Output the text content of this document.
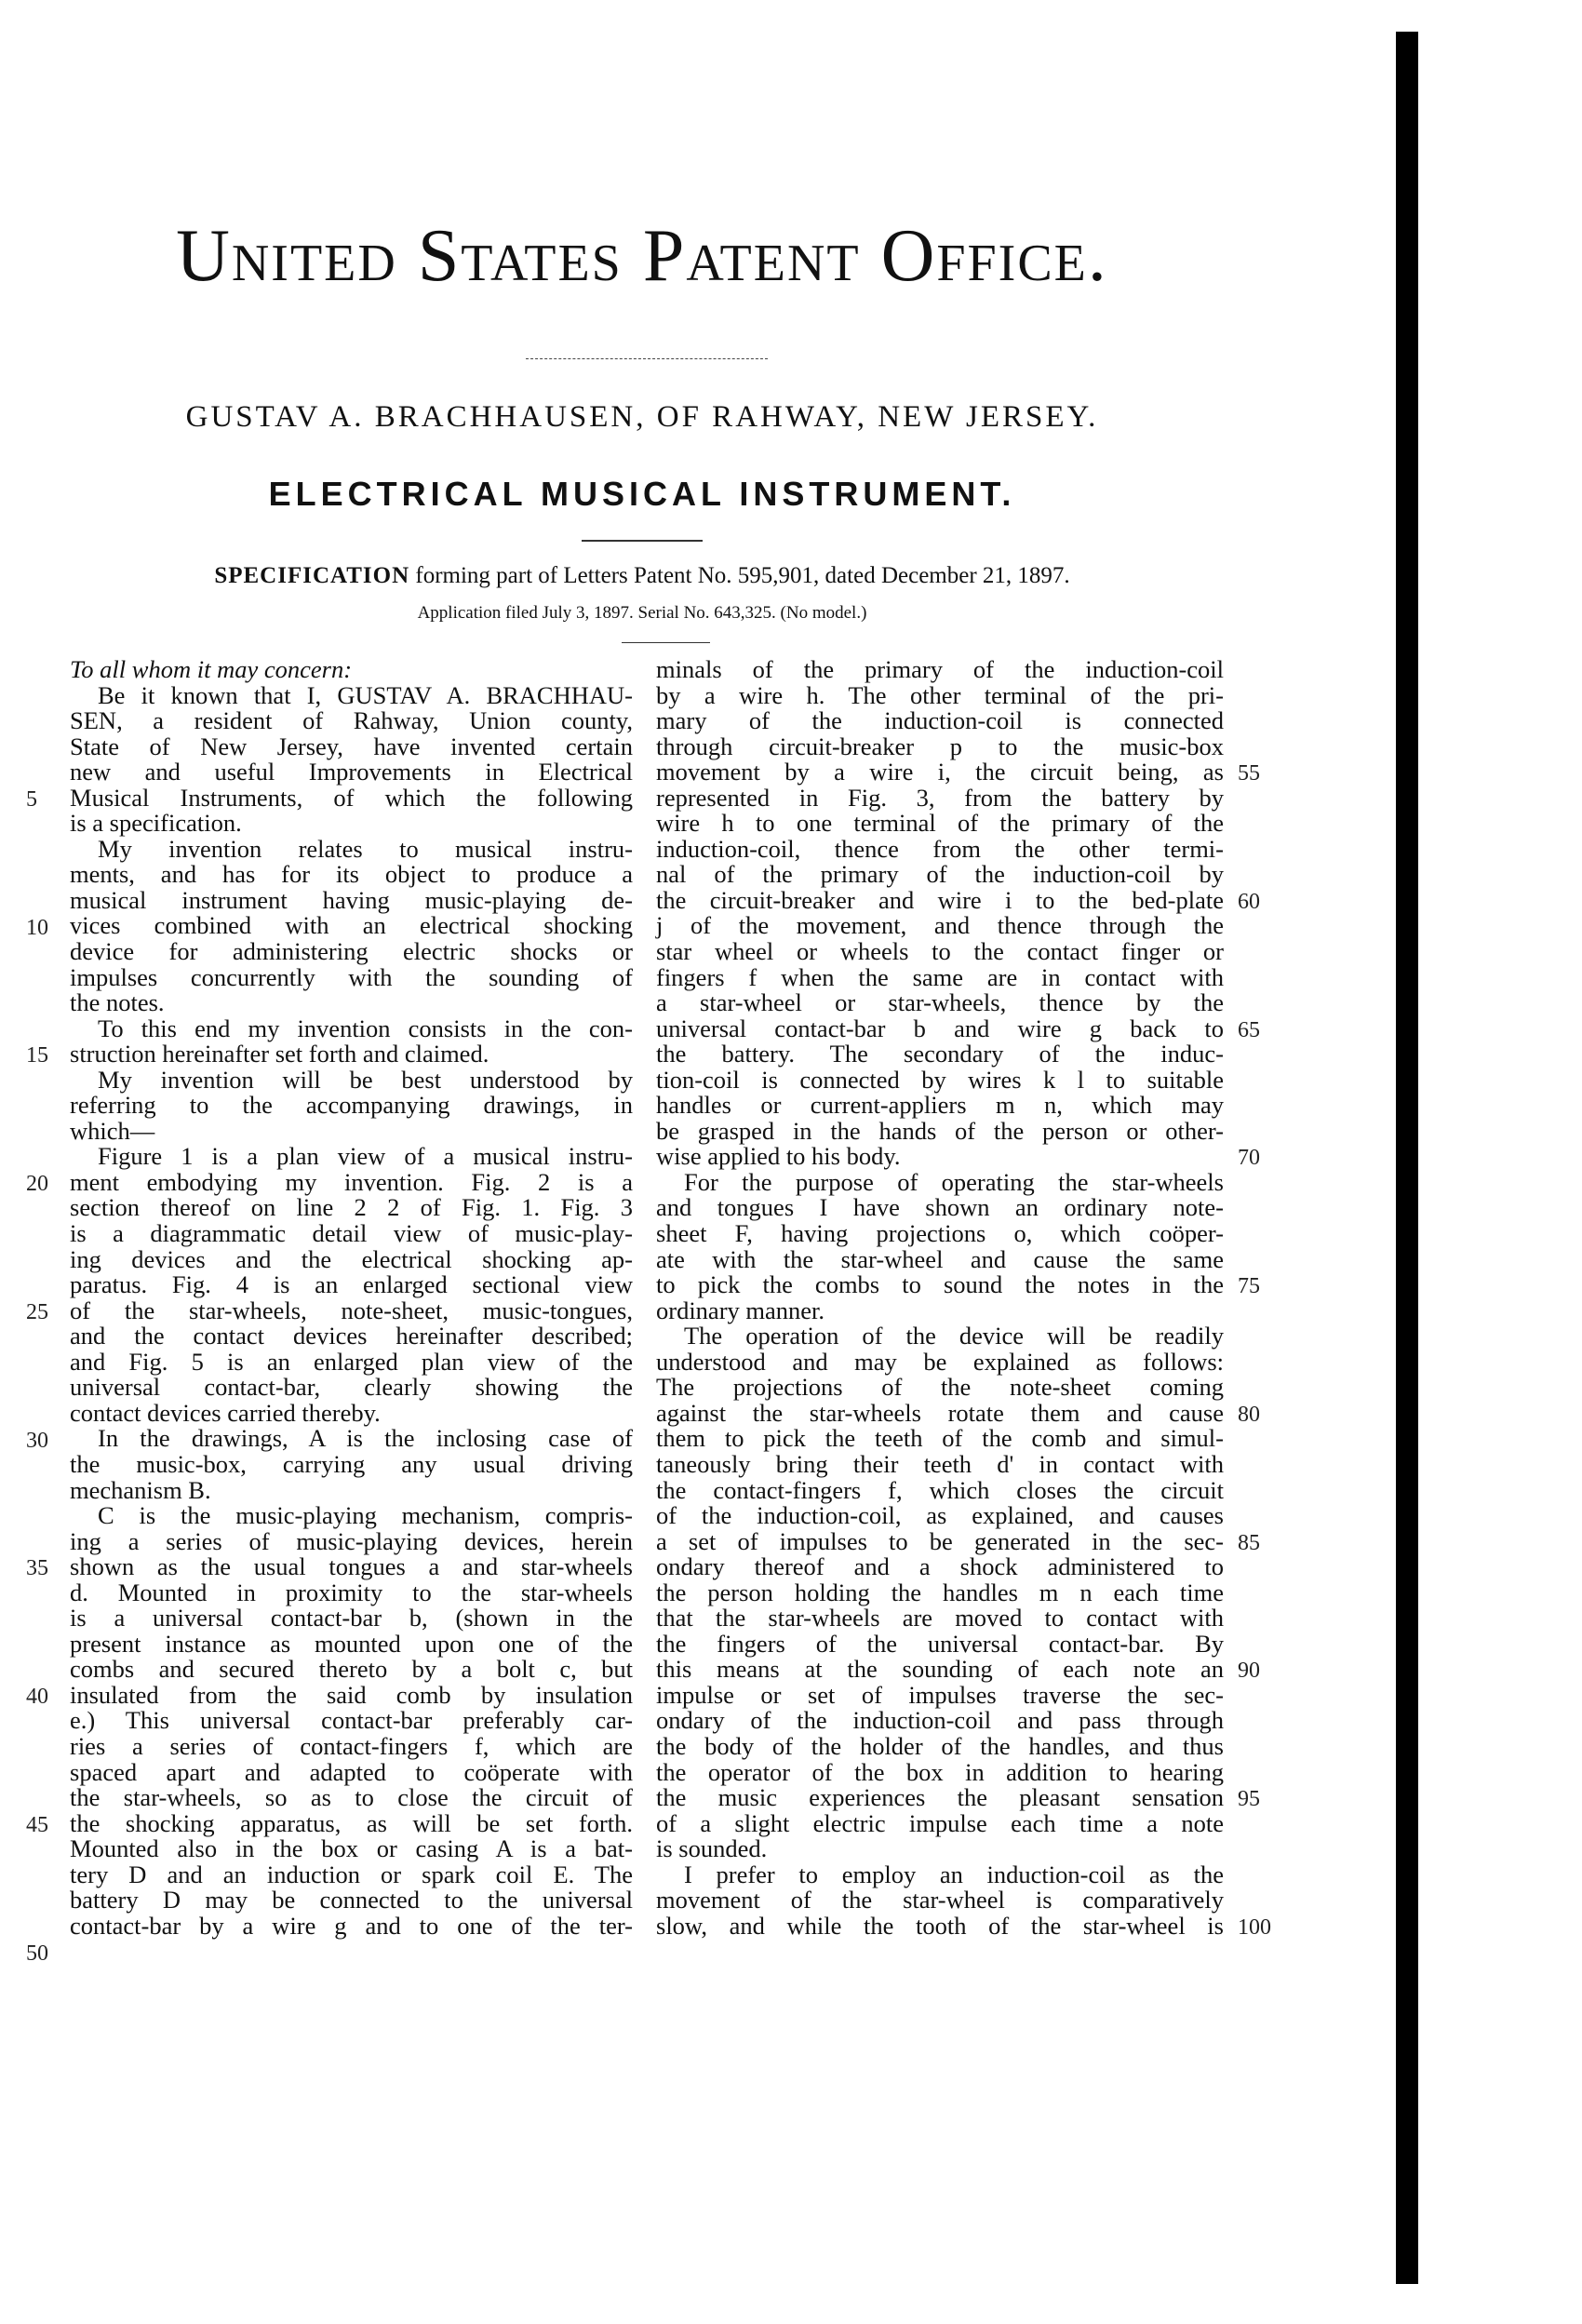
United States Patent Office.
GUSTAV A. BRACHHAUSEN, OF RAHWAY, NEW JERSEY.
ELECTRICAL MUSICAL INSTRUMENT.
SPECIFICATION forming part of Letters Patent No. 595,901, dated December 21, 1897.
Application filed July 3, 1897. Serial No. 643,325. (No model.)
To all whom it may concern:
Be it known that I, GUSTAV A. BRACHHAU-
SEN, a resident of Rahway, Union county,
State of New Jersey, have invented certain
new and useful Improvements in Electrical
Musical Instruments, of which the following
is a specification.
My invention relates to musical instru-
ments, and has for its object to produce a
musical instrument having music-playing de-
vices combined with an electrical shocking
device for administering electric shocks or
impulses concurrently with the sounding of
the notes.
To this end my invention consists in the con-
struction hereinafter set forth and claimed.
My invention will be best understood by
referring to the accompanying drawings, in
which—
Figure 1 is a plan view of a musical instru-
ment embodying my invention. Fig. 2 is a
section thereof on line 2 2 of Fig. 1. Fig. 3
is a diagrammatic detail view of music-play-
ing devices and the electrical shocking ap-
paratus. Fig. 4 is an enlarged sectional view
of the star-wheels, note-sheet, music-tongues,
and the contact devices hereinafter described;
and Fig. 5 is an enlarged plan view of the
universal contact-bar, clearly showing the
contact devices carried thereby.
In the drawings, A is the inclosing case of
the music-box, carrying any usual driving
mechanism B.
C is the music-playing mechanism, compris-
ing a series of music-playing devices, herein
shown as the usual tongues a and star-wheels
d. Mounted in proximity to the star-wheels
is a universal contact-bar b, (shown in the
present instance as mounted upon one of the
combs and secured thereto by a bolt c, but
insulated from the said comb by insulation
e.) This universal contact-bar preferably car-
ries a series of contact-fingers f, which are
spaced apart and adapted to coöperate with
the star-wheels, so as to close the circuit of
the shocking apparatus, as will be set forth.
Mounted also in the box or casing A is a bat-
tery D and an induction or spark coil E. The
battery D may be connected to the universal
contact-bar by a wire g and to one of the ter-
minals of the primary of the induction-coil
by a wire h. The other terminal of the pri-
mary of the induction-coil is connected
through circuit-breaker p to the music-box
movement by a wire i, the circuit being, as
represented in Fig. 3, from the battery by
wire h to one terminal of the primary of the
induction-coil, thence from the other termi-
nal of the primary of the induction-coil by
the circuit-breaker and wire i to the bed-plate
j of the movement, and thence through the
star wheel or wheels to the contact finger or
fingers f when the same are in contact with
a star-wheel or star-wheels, thence by the
universal contact-bar b and wire g back to
the battery. The secondary of the induc-
tion-coil is connected by wires k l to suitable
handles or current-appliers m n, which may
be grasped in the hands of the person or other-
wise applied to his body.
For the purpose of operating the star-wheels
and tongues I have shown an ordinary note-
sheet F, having projections o, which coöper-
ate with the star-wheel and cause the same
to pick the combs to sound the notes in the
ordinary manner.
The operation of the device will be readily
understood and may be explained as follows:
The projections of the note-sheet coming
against the star-wheels rotate them and cause
them to pick the teeth of the comb and simul-
taneously bring their teeth d' in contact with
the contact-fingers f, which closes the circuit
of the induction-coil, as explained, and causes
a set of impulses to be generated in the sec-
ondary thereof and a shock administered to
the person holding the handles m n each time
that the star-wheels are moved to contact with
the fingers of the universal contact-bar. By
this means at the sounding of each note an
impulse or set of impulses traverse the sec-
ondary of the induction-coil and pass through
the body of the holder of the handles, and thus
the operator of the box in addition to hearing
the music experiences the pleasant sensation
of a slight electric impulse each time a note
is sounded.
I prefer to employ an induction-coil as the
movement of the star-wheel is comparatively
slow, and while the tooth of the star-wheel is
5
10
15
20
25
30
35
40
45
50
55
60
65
70
75
80
85
90
95
100
